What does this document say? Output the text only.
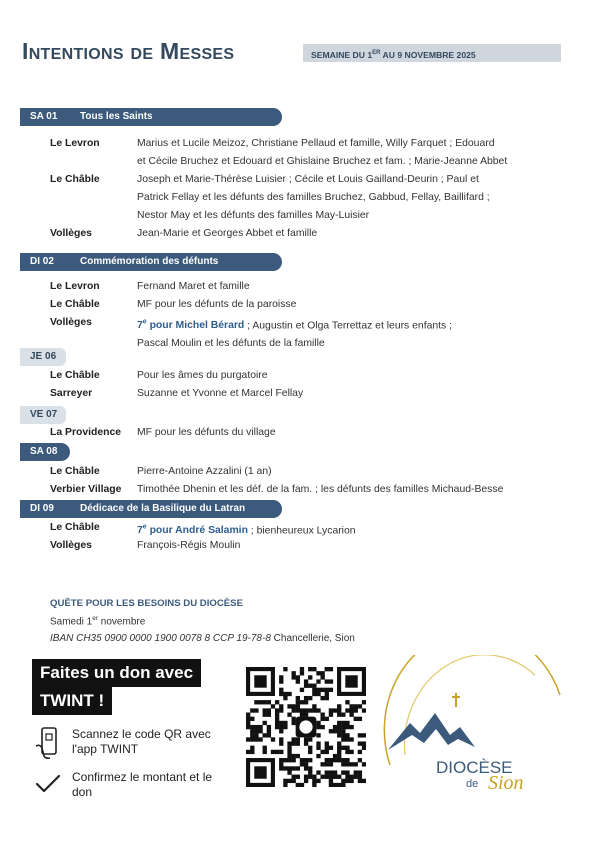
Intentions de Messes	SEMAINE DU 1ER AU 9 NOVEMBRE 2025
SA 01 Tous les Saints
Le Levron	Marius et Lucile Meizoz, Christiane Pellaud et famille, Willy Farquet ; Edouard
et Cécile Bruchez et Edouard et Ghislaine Bruchez et fam. ; Marie-Jeanne Abbet
Le Châble	Joseph et Marie-Thérèse Luisier ; Cécile et Louis Gailland-Deurin ; Paul et
Patrick Fellay et les défunts des familles Bruchez, Gabbud, Fellay, Baillifard ;
Nestor May et les défunts des familles May-Luisier
Vollèges	Jean-Marie et Georges Abbet et famille
DI 02	Commémoration des défunts
Le Levron	Fernand Maret et famille
Le Châble	MF pour les défunts de la paroisse
Vollèges	7e pour Michel Bérard ; Augustin et Olga Terrettaz et leurs enfants ;
Pascal Moulin et les défunts de la famille
JE 06
Le Châble	Pour les âmes du purgatoire
Sarreyer	Suzanne et Yvonne et Marcel Fellay
VE 07
La Providence	MF pour les défunts du village
SA 08
Le Châble	Pierre-Antoine Azzalini (1 an)
Verbier Village	Timothée Dhenin et les déf. de la fam. ; les défunts des familles Michaud-Besse
DI 09	Dédicace de la Basilique du Latran
Le Châble	7e pour André Salamin ; bienheureux Lycarion
Vollèges	François-Régis Moulin
QUÊTE POUR LES BESOINS DU DIOCÈSE
Samedi 1er novembre
IBAN CH35 0900 0000 1900 0078 8 CCP 19-78-8 Chancellerie, Sion
Faites un don avec
TWINT !
Scannez le code QR avec l'app TWINT
Confirmez le montant et le don
DIOCÈSE
de Sion
